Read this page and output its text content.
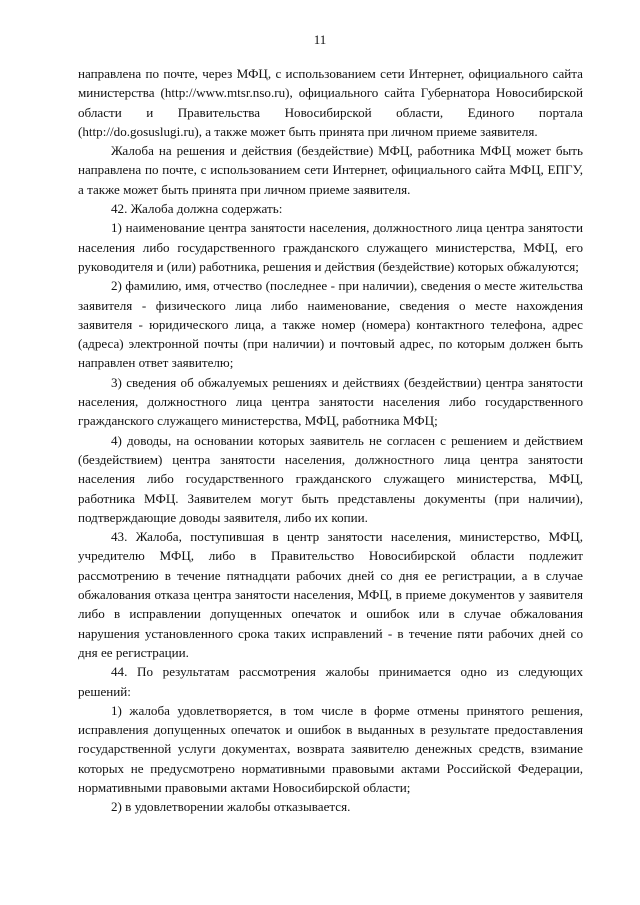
11

направлена по почте, через МФЦ, с использованием сети Интернет, официального сайта министерства (http://www.mtsr.nso.ru), официального сайта Губернатора Новосибирской области и Правительства Новосибирской области, Единого портала (http://do.gosuslugi.ru), а также может быть принята при личном приеме заявителя.

Жалоба на решения и действия (бездействие) МФЦ, работника МФЦ может быть направлена по почте, с использованием сети Интернет, официального сайта МФЦ, ЕПГУ, а также может быть принята при личном приеме заявителя.

42. Жалоба должна содержать:

1) наименование центра занятости населения, должностного лица центра занятости населения либо государственного гражданского служащего министерства, МФЦ, его руководителя и (или) работника, решения и действия (бездействие) которых обжалуются;

2) фамилию, имя, отчество (последнее - при наличии), сведения о месте жительства заявителя - физического лица либо наименование, сведения о месте нахождения заявителя - юридического лица, а также номер (номера) контактного телефона, адрес (адреса) электронной почты (при наличии) и почтовый адрес, по которым должен быть направлен ответ заявителю;

3) сведения об обжалуемых решениях и действиях (бездействии) центра занятости населения, должностного лица центра занятости населения либо государственного гражданского служащего министерства, МФЦ, работника МФЦ;

4) доводы, на основании которых заявитель не согласен с решением и действием (бездействием) центра занятости населения, должностного лица центра занятости населения либо государственного гражданского служащего министерства, МФЦ, работника МФЦ. Заявителем могут быть представлены документы (при наличии), подтверждающие доводы заявителя, либо их копии.

43. Жалоба, поступившая в центр занятости населения, министерство, МФЦ, учредителю МФЦ, либо в Правительство Новосибирской области подлежит рассмотрению в течение пятнадцати рабочих дней со дня ее регистрации, а в случае обжалования отказа центра занятости населения, МФЦ, в приеме документов у заявителя либо в исправлении допущенных опечаток и ошибок или в случае обжалования нарушения установленного срока таких исправлений - в течение пяти рабочих дней со дня ее регистрации.

44. По результатам рассмотрения жалобы принимается одно из следующих решений:

1) жалоба удовлетворяется, в том числе в форме отмены принятого решения, исправления допущенных опечаток и ошибок в выданных в результате предоставления государственной услуги документах, возврата заявителю денежных средств, взимание которых не предусмотрено нормативными правовыми актами Российской Федерации, нормативными правовыми актами Новосибирской области;

2) в удовлетворении жалобы отказывается.
